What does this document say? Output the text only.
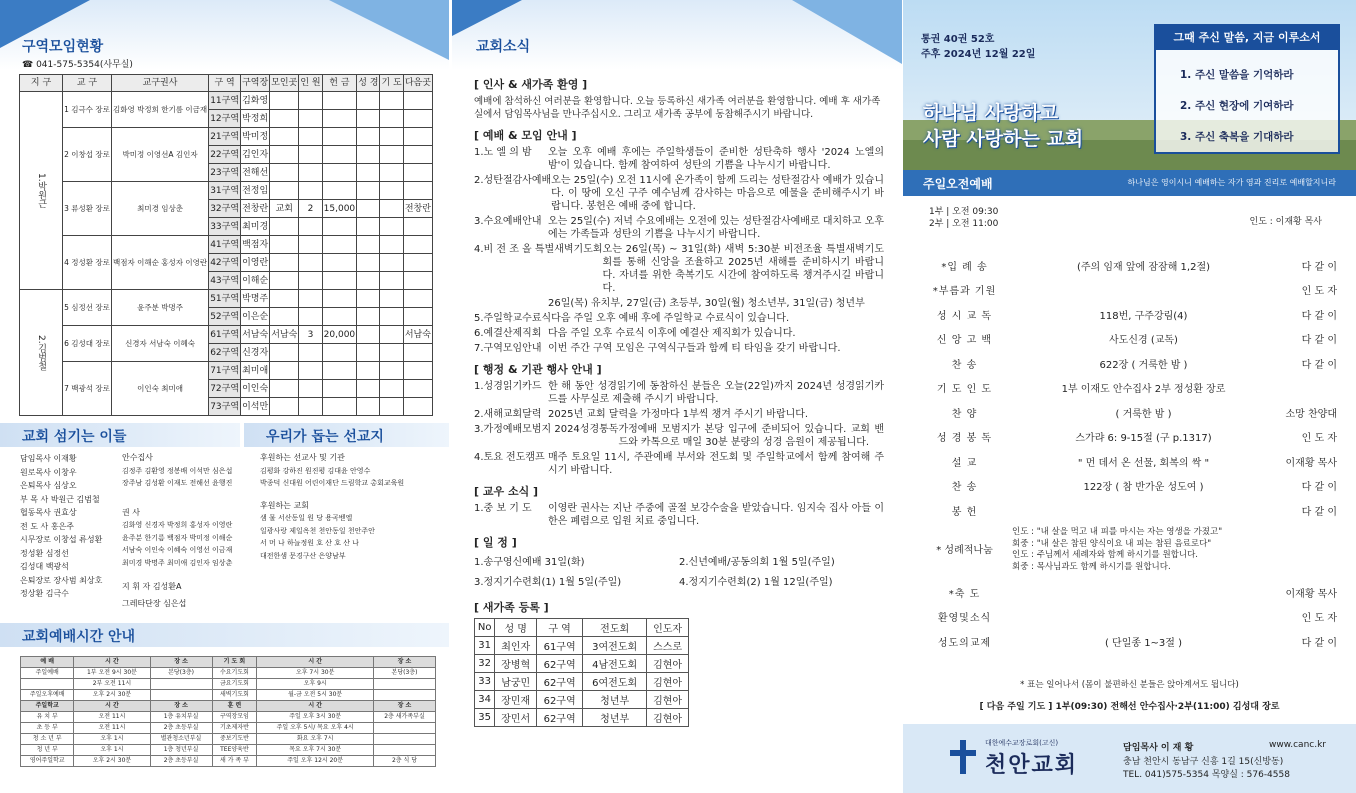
구역모임현황
☎ 041-575-5354(사무실)
지 구	교 구	교구권사	구 역	구역장	모인곳	인 원	헌 금	성 경	기 도	다음곳
1.박원근	1 김극수 장로	김화영 박정희 한기름 이금재	11구역	김화영						
			12구역	박정희						
	2 이창섭 장로	박미정 이영선A 김인자	21구역	박미정						
			22구역	김인자						
			23구역	전해선						
	3 류성환 장로	최미경 임상춘	31구역	전정임						
			32구역	전창란	교회	2	15,000			전창란
			33구역	최미경						
	4 정성환 장로	백점자 이해순 홍성자 이영란	41구역	백점자						
			42구역	이영란						
			43구역	이해순						
2.김범철	5 심정선 장로	윤주분 박명주	51구역	박명주						
			52구역	이은순						
	6 김성대 장로	신경자 서남숙 이혜숙	61구역	서남숙	서남숙	3	20,000			서남숙
			62구역	신경자						
	7 백광석 장로	이인숙 최미애	71구역	최미애						
			72구역	이인숙						
			73구역	이석만						
교회 섬기는 이들	우리가 돕는 선교지
담임목사 이재황
원로목사 이창우
은퇴목사 심상오
부 목 사 박원근 김범철
협동목사 권효상
전 도 사 홍은주
시무장로 이창섭 류성환
정성환 심정선
김성대 백광석
은퇴장로 장사범 최상호
정상환 김극수
안수집사
김정주 김환영 정봉배 이석만 심은섭
장주남 김성환 이재도 전해선 윤행진
권 사
김화영 신경자 박정희 홍성자 이영란
윤주분 한기름 백점자 박미정 이해순
서남숙 이인숙 이혜숙 이영선 이금재
최미경 박명주 최미애 김인자 임상춘
지 휘 자 김성환A
그레타단장 심은섭
후원하는 선교사 및 기관
김평화 강하진 원진평 김대윤 안영수
박종덕 신대원 어린이재단 드림학교 총회교육원
후원하는 교회
샘 물 서산동일 원 당 용곡벧엘
일광사랑 제일옥천 천안동일 천안주안
서 머 나 하늘정원 호 산 호 산 나
대전한샘 문경구산 은양남부
교회예배시간 안내
예 배	시 간	장 소	기 도 회	시 간	장 소
주일예배	1부 오전 9시 30분	본당(3층)	수요기도회	오후 7시 30분	본당(3층)
	2부 오전 11시		금요기도회	오후 9시	
주일오후예배	오후 2시 30분		새벽기도회	월-금 오전 5시 30분	
주일학교	시 간	장 소	훈 련	시 간	장 소
유 치 부	오전 11시	1층 유치부실	구역장모임	주일 오후 3시 30분	2층 새가족부실
초 등 부	오전 11시	2층 초등부실	기초제자반	주일 오후 5시/ 목요 오후 4시	
청 소 년 부	오후 1시	별관청소년부실	중보기도반	화요 오후 7시	
청 년 부	오후 1시	1층 청년부실	TEE양육반	목요 오후 7시 30분	
영어주일학교	오후 2시 30분	2층 초등부실	새 가 족 부	주일 오후 12시 20분	2층 식 당
교회소식
[ 인사 & 새가족 환영 ]
예배에 참석하신 여러분을 환영합니다. 오늘 등록하신 새가족 여러분을 환영합니다. 예배 후 새가족실에서 담임목사님을 만나주십시오. 그리고 새가족 공부에 동참해주시기 바랍니다.
[ 예배 & 모임 안내 ]
1.노 엘 의 밤	오늘 오후 예배 후에는 주일학생들이 준비한 성탄축하 행사 '2024 노엘의 밤'이 있습니다. 함께 참여하여 성탄의 기쁨을 나누시기 바랍니다.
2.성탄절감사예배 오는 25일(수) 오전 11시에 온가족이 함께 드리는 성탄절감사 예배가 있습니다. 이 땅에 오신 구주 예수님께 감사하는 마음으로 예물을 준비해주시기 바랍니다. 봉헌은 예배 중에 합니다.
3.수요예배안내 오는 25일(수) 저녁 수요예배는 오전에 있는 성탄절감사예배로 대치하고 오후에는 가족들과 성탄의 기쁨을 나누시기 바랍니다.
4.비 전 조 올 특별새벽기도회 오는 26일(목) ~ 31일(화) 새벽 5:30분 비전조율 특별새벽기도회를 통해 신앙을 조율하고 2025년 새해를 준비하시기 바랍니다. 자녀를 위한 축복기도 시간에 참여하도록 챙겨주시길 바랍니다.
26일(목) 유치부, 27일(금) 초등부, 30일(월) 청소년부, 31일(금) 청년부
5.주일학교수료식 다음 주일 오후 예배 후에 주일학교 수료식이 있습니다.
6.예결산제직회 다음 주일 오후 수료식 이후에 예결산 제직회가 있습니다.
7.구역모임안내 이번 주간 구역 모임은 구역식구들과 함께 티 타임을 갖기 바랍니다.
[ 행정 & 기관 행사 안내 ]
1.성경읽기카드 한 해 동안 성경읽기에 동참하신 분들은 오늘(22일)까지 2024년 성경읽기카드를 사무실로 제출해 주시기 바랍니다.
2.새해교회달력 2025년 교회 달력을 가정마다 1부씩 챙겨 주시기 바랍니다.
3.가정예배모범지 2024성경통독 가정예배 모범지가 본당 입구에 준비되어 있습니다. 교회 밴드와 카톡으로 매일 30분 분량의 성경 음원이 제공됩니다.
4.토요 전도캠프 매주 토요일 11시, 주관예배 부서와 전도회 및 주일학교에서 함께 참여해 주시기 바랍니다.
[ 교우 소식 ]
1.중 보 기 도	이영란 권사는 지난 주중에 골절 보강수술을 받았습니다. 임지숙 집사 아들 이한은 폐렴으로 입원 치료 중입니다.
[ 일 정 ]
1.송구영신예배 31일(화)	2.신년예배/공동의회 1월 5일(주일)
3.정지기수련회(1) 1월 5일(주일)	4.정지기수련회(2) 1월 12일(주일)
[ 새가족 등록 ]
No	성 명	구 역	전도회	인도자
31	최인자	61구역	3여전도회	스스로
32	장병혁	62구역	4남전도회	김현아
33	남궁민	62구역	6여전도회	김현아
34	장민재	62구역	청년부	김현아
35	장민서	62구역	청년부	김현아
통권 40권 52호
주후 2024년 12월 22일
하나님 사랑하고
사람 사랑하는 교회
그때 주신 말씀, 지금 이루소서
1. 주신 말씀을 기억하라
2. 주신 현장에 기여하라
3. 주신 축복을 기대하라
주일오전예배	하나님은 영이시니 예배하는 자가 영과 진리로 예배할지니라
1부 | 오전 09:30
2부 | 오전 11:00	인도 : 이재황 목사
*입 례 송	(주의 임재 앞에 잠잠해 1,2절)	다 같 이
*부름과 기원	인 도 자
성 시 교 독	118번, 구주강림(4)	다 같 이
신 앙 고 백	사도신경 (교독)	다 같 이
찬 송	622장 ( 거룩한 밤 )	다 같 이
기 도 인 도	1부 이재도 안수집사 2부 정성환 장로
찬 양	( 거룩한 밤 )	소망 찬양대
성 경 봉 독	스가랴 6: 9-15절 (구 p.1317)	인 도 자
설 교	" 먼 데서 온 선물, 회복의 싹 "	이재황 목사
찬 송	122장 ( 참 반가운 성도여 )	다 같 이
봉 헌	다 같 이
* 성례적나눔
인도 : "내 살을 먹고 내 피를 마시는 자는 영생을 가졌고"
회중 : "내 살은 참된 양식이요 내 피는 참된 음료로다"
인도 : 주님께서 세례자와 함께 하시기를 원합니다.
회중 : 목사님과도 함께 하시기를 원합니다.
*축 도	이재황 목사
환영및소식	인 도 자
성도의교제	( 단일종 1~3절 )	다 같 이
* 표는 일어나서 (몸이 불편하신 분들은 앉아계셔도 됩니다)
[ 다음 주일 기도 ] 1부(09:30) 전해선 안수집사·2부(11:00) 김성대 장로
대한예수교장로회(고신)
천안교회
담임목사 이 재 황	www.canc.kr
충남 천안시 동남구 신흥 1길 15(신방동)
TEL. 041)575-5354 목양실 : 576-4558
